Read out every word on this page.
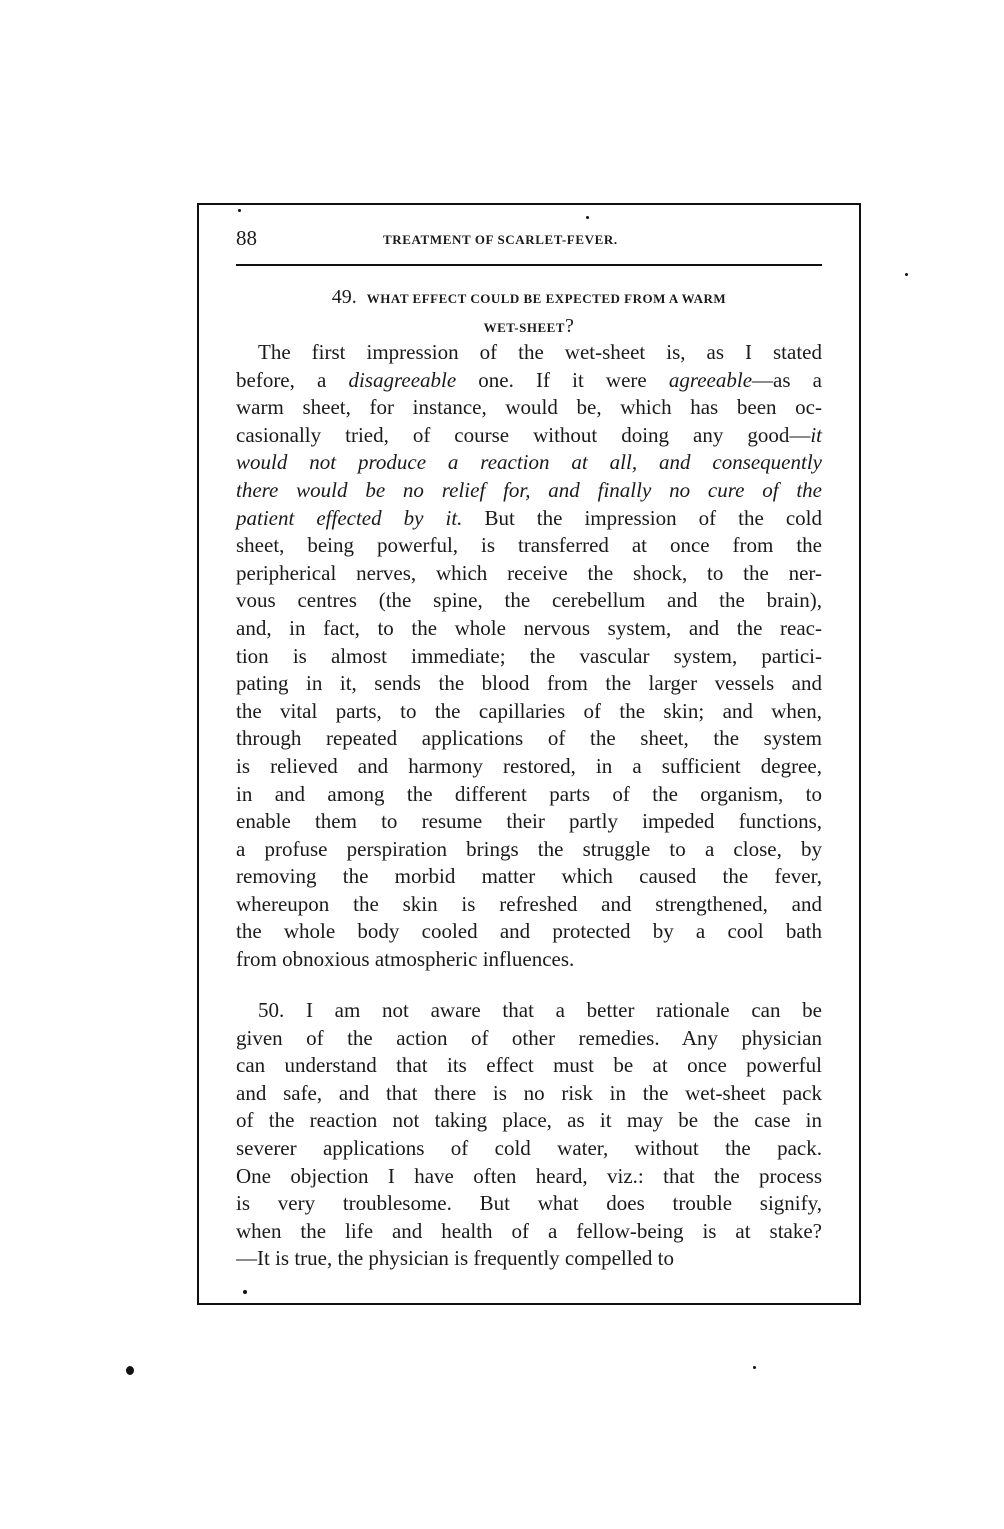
88	TREATMENT OF SCARLET-FEVER.
49. WHAT EFFECT COULD BE EXPECTED FROM A WARM
WET-SHEET?
The first impression of the wet-sheet is, as I stated
before, a disagreeable one. If it were agreeable—as a
warm sheet, for instance, would be, which has been oc-
casionally tried, of course without doing any good—it
would not produce a reaction at all, and consequently
there would be no relief for, and finally no cure of the
patient effected by it. But the impression of the cold
sheet, being powerful, is transferred at once from the
peripherical nerves, which receive the shock, to the ner-
vous centres (the spine, the cerebellum and the brain),
and, in fact, to the whole nervous system, and the reac-
tion is almost immediate; the vascular system, partici-
pating in it, sends the blood from the larger vessels and
the vital parts, to the capillaries of the skin; and when,
through repeated applications of the sheet, the system
is relieved and harmony restored, in a sufficient degree,
in and among the different parts of the organism, to
enable them to resume their partly impeded functions,
a profuse perspiration brings the struggle to a close, by
removing the morbid matter which caused the fever,
whereupon the skin is refreshed and strengthened, and
the whole body cooled and protected by a cool bath
from obnoxious atmospheric influences.
50. I am not aware that a better rationale can be
given of the action of other remedies. Any physician
can understand that its effect must be at once powerful
and safe, and that there is no risk in the wet-sheet pack
of the reaction not taking place, as it may be the case in
severer applications of cold water, without the pack.
One objection I have often heard, viz.: that the process
is very troublesome. But what does trouble signify,
when the life and health of a fellow-being is at stake?
—It is true, the physician is frequently compelled to
